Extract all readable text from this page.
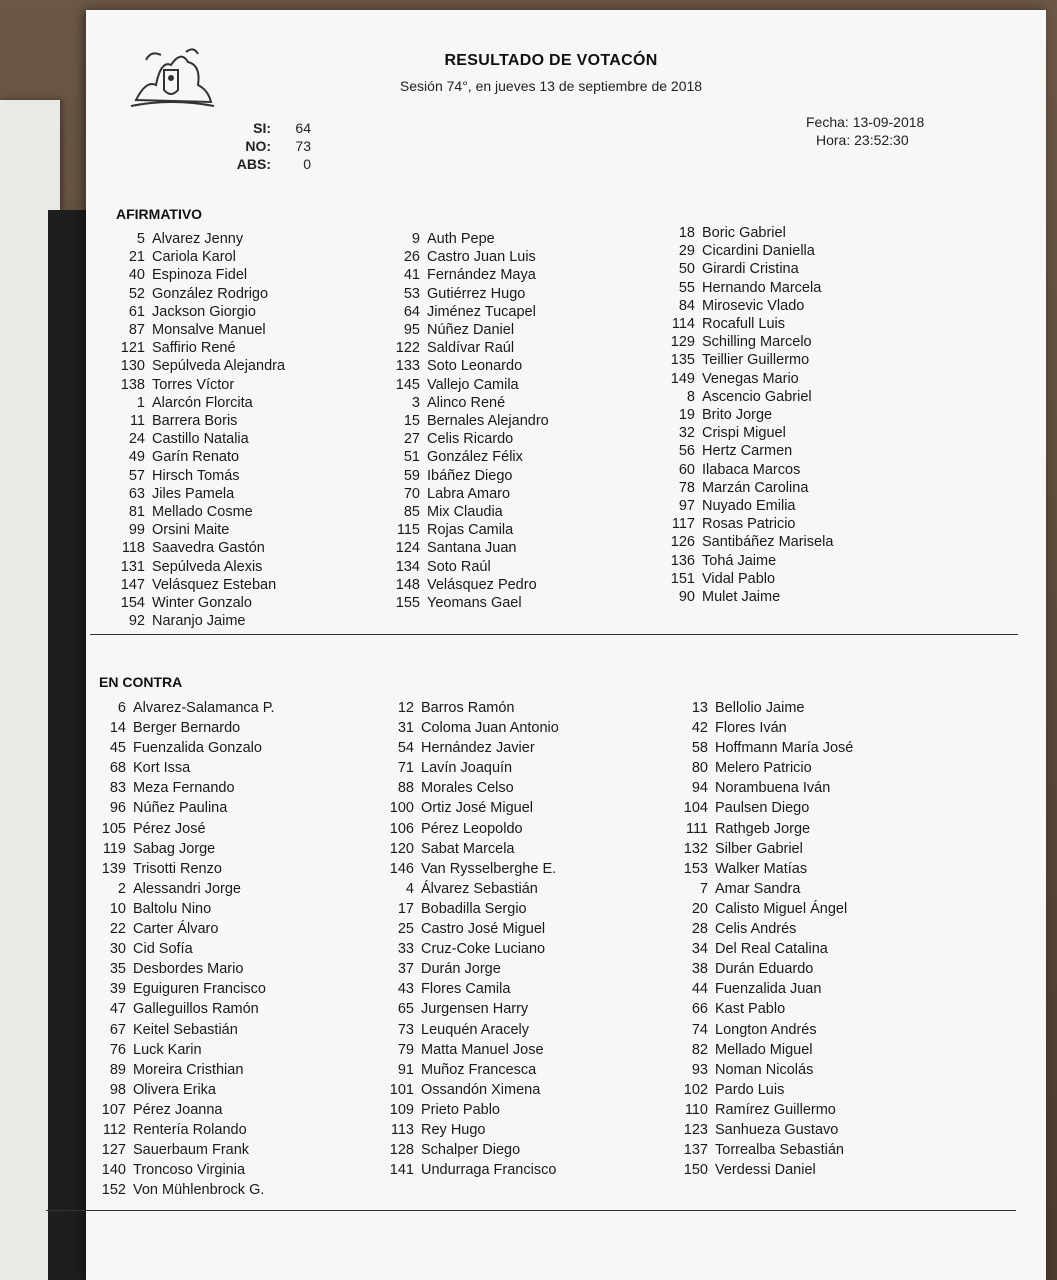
RESULTADO DE VOTACÓN
Sesión 74°, en jueves 13 de septiembre de 2018
SI:	64
NO:	73
ABS:	0
Fecha:
13-09-2018
Hora:
23:52:30
AFIRMATIVO
5 Alvarez Jenny
21 Cariola Karol
40 Espinoza Fidel
52 González Rodrigo
61 Jackson Giorgio
87 Monsalve Manuel
121 Saffirio René
130 Sepúlveda Alejandra
138 Torres Víctor
1 Alarcón Florcita
11 Barrera Boris
24 Castillo Natalia
49 Garín Renato
57 Hirsch Tomás
63 Jiles Pamela
81 Mellado Cosme
99 Orsini Maite
118 Saavedra Gastón
131 Sepúlveda Alexis
147 Velásquez Esteban
154 Winter Gonzalo
92 Naranjo Jaime
9 Auth Pepe
26 Castro Juan Luis
41 Fernández Maya
53 Gutiérrez Hugo
64 Jiménez Tucapel
95 Núñez Daniel
122 Saldívar Raúl
133 Soto Leonardo
145 Vallejo Camila
3 Alinco René
15 Bernales Alejandro
27 Celis Ricardo
51 González Félix
59 Ibáñez Diego
70 Labra Amaro
85 Mix Claudia
115 Rojas Camila
124 Santana Juan
134 Soto Raúl
148 Velásquez Pedro
155 Yeomans Gael
18 Boric Gabriel
29 Cicardini Daniella
50 Girardi Cristina
55 Hernando Marcela
84 Mirosevic Vlado
114 Rocafull Luis
129 Schilling Marcelo
135 Teillier Guillermo
149 Venegas Mario
8 Ascencio Gabriel
19 Brito Jorge
32 Crispi Miguel
56 Hertz Carmen
60 Ilabaca Marcos
78 Marzán Carolina
97 Nuyado Emilia
117 Rosas Patricio
126 Santibáñez Marisela
136 Tohá Jaime
151 Vidal Pablo
90 Mulet Jaime
EN CONTRA
6 Alvarez-Salamanca P.
14 Berger Bernardo
45 Fuenzalida Gonzalo
68 Kort Issa
83 Meza Fernando
96 Núñez Paulina
105 Pérez José
119 Sabag Jorge
139 Trisotti Renzo
2 Alessandri Jorge
10 Baltolu Nino
22 Carter Álvaro
30 Cid Sofía
35 Desbordes Mario
39 Eguiguren Francisco
47 Galleguillos Ramón
67 Keitel Sebastián
76 Luck Karin
89 Moreira Cristhian
98 Olivera Erika
107 Pérez Joanna
112 Rentería Rolando
127 Sauerbaum Frank
140 Troncoso Virginia
152 Von Mühlenbrock G.
12 Barros Ramón
31 Coloma Juan Antonio
54 Hernández Javier
71 Lavín Joaquín
88 Morales Celso
100 Ortiz José Miguel
106 Pérez Leopoldo
120 Sabat Marcela
146 Van Rysselberghe E.
4 Álvarez Sebastián
17 Bobadilla Sergio
25 Castro José Miguel
33 Cruz-Coke Luciano
37 Durán Jorge
43 Flores Camila
65 Jurgensen Harry
73 Leuquén Aracely
79 Matta Manuel Jose
91 Muñoz Francesca
101 Ossandón Ximena
109 Prieto Pablo
113 Rey Hugo
128 Schalper Diego
141 Undurraga Francisco
13 Bellolio Jaime
42 Flores Iván
58 Hoffmann María José
80 Melero Patricio
94 Norambuena Iván
104 Paulsen Diego
111 Rathgeb Jorge
132 Silber Gabriel
153 Walker Matías
7 Amar Sandra
20 Calisto Miguel Ángel
28 Celis Andrés
34 Del Real Catalina
38 Durán Eduardo
44 Fuenzalida Juan
66 Kast Pablo
74 Longton Andrés
82 Mellado Miguel
93 Noman Nicolás
102 Pardo Luis
110 Ramírez Guillermo
123 Sanhueza Gustavo
137 Torrealba Sebastián
150 Verdessi Daniel
